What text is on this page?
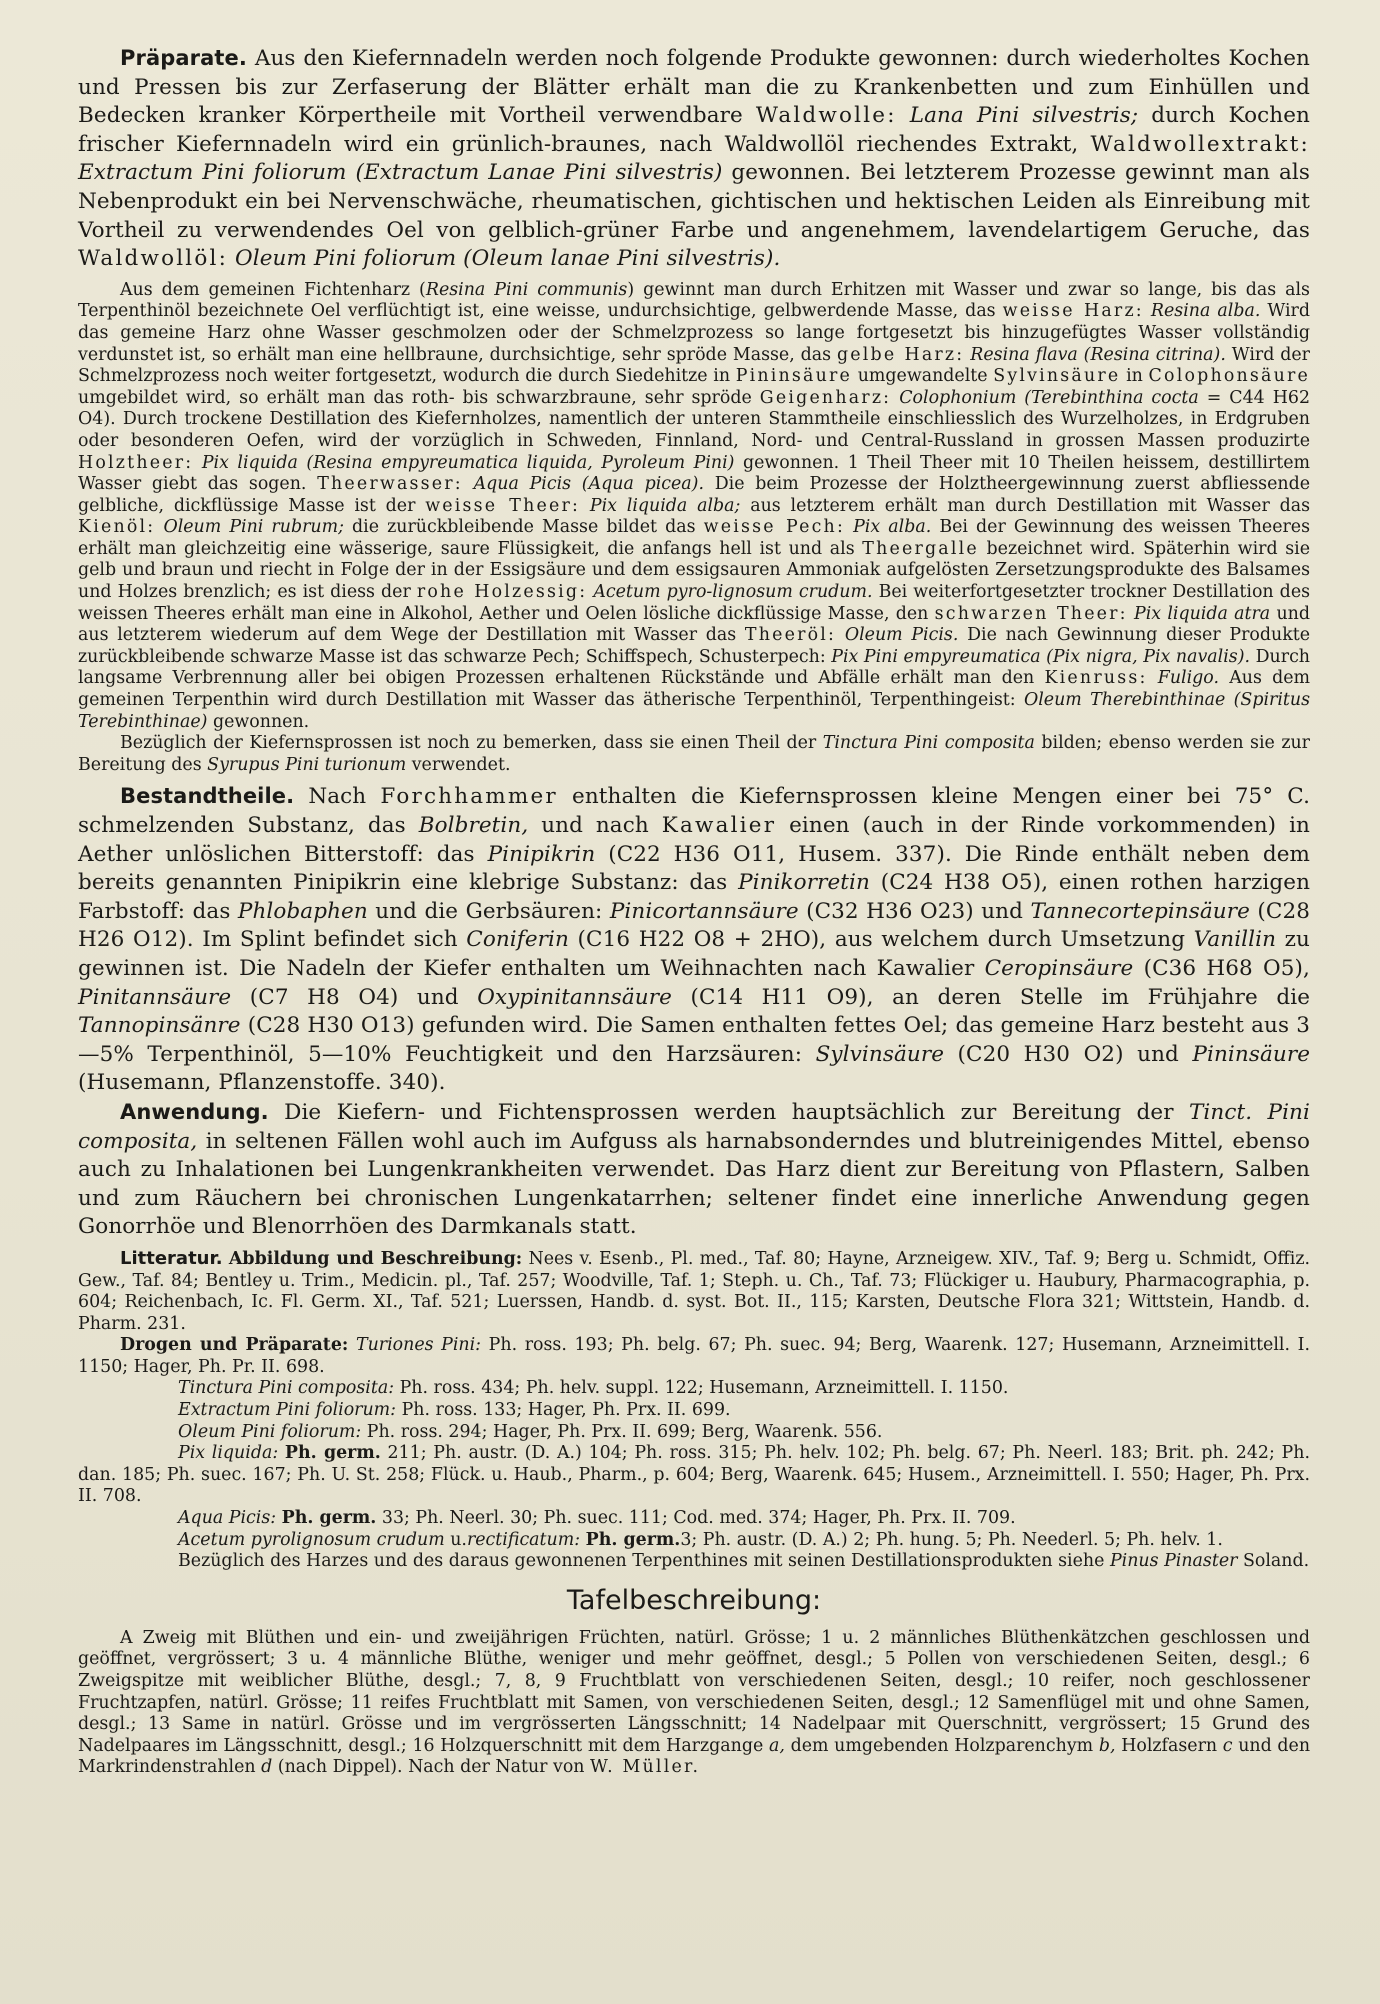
Präparate. Aus den Kiefernnadeln werden noch folgende Produkte gewonnen: durch wiederholtes Kochen und Pressen bis zur Zerfaserung der Blätter erhält man die zu Krankenbetten und zum Einhüllen und Bedecken kranker Körpertheile mit Vortheil verwendbare Waldwolle: Lana Pini silvestris; durch Kochen frischer Kiefernnadeln wird ein grünlich-braunes, nach Waldwollöl riechendes Extrakt, Waldwollextrakt: Extractum Pini foliorum (Extractum Lanae Pini silvestris) gewonnen. Bei letzterem Prozesse gewinnt man als Nebenprodukt ein bei Nervenschwäche, rheumatischen, gichtischen und hektischen Leiden als Einreibung mit Vortheil zu verwendendes Oel von gelblich-grüner Farbe und angenehmem, lavendelartigem Geruche, das Waldwollöl: Oleum Pini foliorum (Oleum lanae Pini silvestris).

Aus dem gemeinen Fichtenharz (Resina Pini communis) gewinnt man durch Erhitzen mit Wasser und zwar so lange, bis das als Terpenthinöl bezeichnete Oel verflüchtigt ist, eine weisse, undurchsichtige, gelbwerdende Masse, das weisse Harz: Resina alba. Wird das gemeine Harz ohne Wasser geschmolzen oder der Schmelzprozess so lange fortgesetzt bis hinzugefügtes Wasser vollständig verdunstet ist, so erhält man eine hellbraune, durchsichtige, sehr spröde Masse, das gelbe Harz: Resina flava (Resina citrina). Wird der Schmelzprozess noch weiter fortgesetzt, wodurch die durch Siedehitze in Pininsäure umgewandelte Sylvinsäure in Colophonsäure umgebildet wird, so erhält man das roth- bis schwarzbraune, sehr spröde Geigenharz: Colophonium (Terebinthina cocta = C44 H62 O4). Durch trockene Destillation des Kiefernholzes, namentlich der unteren Stammtheile einschliesslich des Wurzelholzes, in Erdgruben oder besonderen Oefen, wird der vorzüglich in Schweden, Finnland, Nord- und Central-Russland in grossen Massen produzirte Holztheer: Pix liquida (Resina empyreumatica liquida, Pyroleum Pini) gewonnen. 1 Theil Theer mit 10 Theilen heissem, destillirtem Wasser giebt das sogen. Theerwasser: Aqua Picis (Aqua picea). Die beim Prozesse der Holztheergewinnung zuerst abfliessende gelbliche, dickflüssige Masse ist der weisse Theer: Pix liquida alba; aus letzterem erhält man durch Destillation mit Wasser das Kienöl: Oleum Pini rubrum; die zurückbleibende Masse bildet das weisse Pech: Pix alba. Bei der Gewinnung des weissen Theeres erhält man gleichzeitig eine wässerige, saure Flüssigkeit, die anfangs hell ist und als Theergalle bezeichnet wird. Späterhin wird sie gelb und braun und riecht in Folge der in der Essigsäure und dem essigsauren Ammoniak aufgelösten Zersetzungsprodukte des Balsames und Holzes brenzlich; es ist diess der rohe Holzessig: Acetum pyro-lignosum crudum. Bei weiterfortgesetzter trockner Destillation des weissen Theeres erhält man eine in Alkohol, Aether und Oelen lösliche dickflüssige Masse, den schwarzen Theer: Pix liquida atra und aus letzterem wiederum auf dem Wege der Destillation mit Wasser das Theeröl: Oleum Picis. Die nach Gewinnung dieser Produkte zurückbleibende schwarze Masse ist das schwarze Pech; Schiffspech, Schusterpech: Pix Pini empyreumatica (Pix nigra, Pix navalis). Durch langsame Verbrennung aller bei obigen Prozessen erhaltenen Rückstände und Abfälle erhält man den Kienruss: Fuligo. Aus dem gemeinen Terpenthin wird durch Destillation mit Wasser das ätherische Terpenthinöl, Terpenthingeist: Oleum Therebinthinae (Spiritus Terebinthinae) gewonnen.

Bezüglich der Kiefernsprossen ist noch zu bemerken, dass sie einen Theil der Tinctura Pini composita bilden; ebenso werden sie zur Bereitung des Syrupus Pini turionum verwendet.

Bestandtheile. Nach Forchhammer enthalten die Kiefernsprossen kleine Mengen einer bei 75° C. schmelzenden Substanz, das Bolbretin, und nach Kawalier einen (auch in der Rinde vorkommenden) in Aether unlöslichen Bitterstoff: das Pinipikrin (C22 H36 O11, Husem. 337). Die Rinde enthält neben dem bereits genannten Pinipikrin eine klebrige Substanz: das Pinikorretin (C24 H38 O5), einen rothen harzigen Farbstoff: das Phlobaphen und die Gerbsäuren: Pinicortannsäure (C32 H36 O23) und Tannecortepinsäure (C28 H26 O12). Im Splint befindet sich Coniferin (C16 H22 O8 + 2HO), aus welchem durch Umsetzung Vanillin zu gewinnen ist. Die Nadeln der Kiefer enthalten um Weihnachten nach Kawalier Ceropinsäure (C36 H68 O5), Pinitannsäure (C7 H8 O4) und Oxypinitannsäure (C14 H11 O9), an deren Stelle im Frühjahre die Tannopinsänre (C28 H30 O13) gefunden wird. Die Samen enthalten fettes Oel; das gemeine Harz besteht aus 3—5% Terpenthinöl, 5—10% Feuchtigkeit und den Harzsäuren: Sylvinsäure (C20 H30 O2) und Pininsäure (Husemann, Pflanzenstoffe. 340).

Anwendung. Die Kiefern- und Fichtensprossen werden hauptsächlich zur Bereitung der Tinct. Pini composita, in seltenen Fällen wohl auch im Aufguss als harnabsonderndes und blutreinigendes Mittel, ebenso auch zu Inhalationen bei Lungenkrankheiten verwendet. Das Harz dient zur Bereitung von Pflastern, Salben und zum Räuchern bei chronischen Lungenkatarrhen; seltener findet eine innerliche Anwendung gegen Gonorrhöe und Blenorrhöen des Darmkanals statt.

Litteratur. Abbildung und Beschreibung: Nees v. Esenb., Pl. med., Taf. 80; Hayne, Arzneigew. XIV., Taf. 9; Berg u. Schmidt, Offiz. Gew., Taf. 84; Bentley u. Trim., Medicin. pl., Taf. 257; Woodville, Taf. 1; Steph. u. Ch., Taf. 73; Flückiger u. Haubury, Pharmacographia, p. 604; Reichenbach, Ic. Fl. Germ. XI., Taf. 521; Luerssen, Handb. d. syst. Bot. II., 115; Karsten, Deutsche Flora 321; Wittstein, Handb. d. Pharm. 231.

Drogen und Präparate: Turiones Pini: Ph. ross. 193; Ph. belg. 67; Ph. suec. 94; Berg, Waarenk. 127; Husemann, Arzneimittell. I. 1150; Hager, Ph. Pr. II. 698.

Tinctura Pini composita: Ph. ross. 434; Ph. helv. suppl. 122; Husemann, Arzneimittell. I. 1150.

Extractum Pini foliorum: Ph. ross. 133; Hager, Ph. Prx. II. 699.

Oleum Pini foliorum: Ph. ross. 294; Hager, Ph. Prx. II. 699; Berg, Waarenk. 556.

Pix liquida: Ph. germ. 211; Ph. austr. (D. A.) 104; Ph. ross. 315; Ph. helv. 102; Ph. belg. 67; Ph. Neerl. 183; Brit. ph. 242; Ph. dan. 185; Ph. suec. 167; Ph. U. St. 258; Flück. u. Haub., Pharm., p. 604; Berg, Waarenk. 645; Husem., Arzneimittell. I. 550; Hager, Ph. Prx. II. 708.

Aqua Picis: Ph. germ. 33; Ph. Neerl. 30; Ph. suec. 111; Cod. med. 374; Hager, Ph. Prx. II. 709.

Acetum pyrolignosum crudum u.rectificatum: Ph. germ.3; Ph. austr. (D. A.) 2; Ph. hung. 5; Ph. Neederl. 5; Ph. helv. 1.

Bezüglich des Harzes und des daraus gewonnenen Terpenthines mit seinen Destillationsprodukten siehe Pinus Pinaster Soland.

Tafelbeschreibung:

A Zweig mit Blüthen und ein- und zweijährigen Früchten, natürl. Grösse; 1 u. 2 männliches Blüthenkätzchen geschlossen und geöffnet, vergrössert; 3 u. 4 männliche Blüthe, weniger und mehr geöffnet, desgl.; 5 Pollen von verschiedenen Seiten, desgl.; 6 Zweigspitze mit weiblicher Blüthe, desgl.; 7, 8, 9 Fruchtblatt von verschiedenen Seiten, desgl.; 10 reifer, noch geschlossener Fruchtzapfen, natürl. Grösse; 11 reifes Fruchtblatt mit Samen, von verschiedenen Seiten, desgl.; 12 Samenflügel mit und ohne Samen, desgl.; 13 Same in natürl. Grösse und im vergrösserten Längsschnitt; 14 Nadelpaar mit Querschnitt, vergrössert; 15 Grund des Nadelpaares im Längsschnitt, desgl.; 16 Holzquerschnitt mit dem Harzgange a, dem umgebenden Holzparenchym b, Holzfasern c und den Markrindenstrahlen d (nach Dippel). Nach der Natur von W. Müller.
